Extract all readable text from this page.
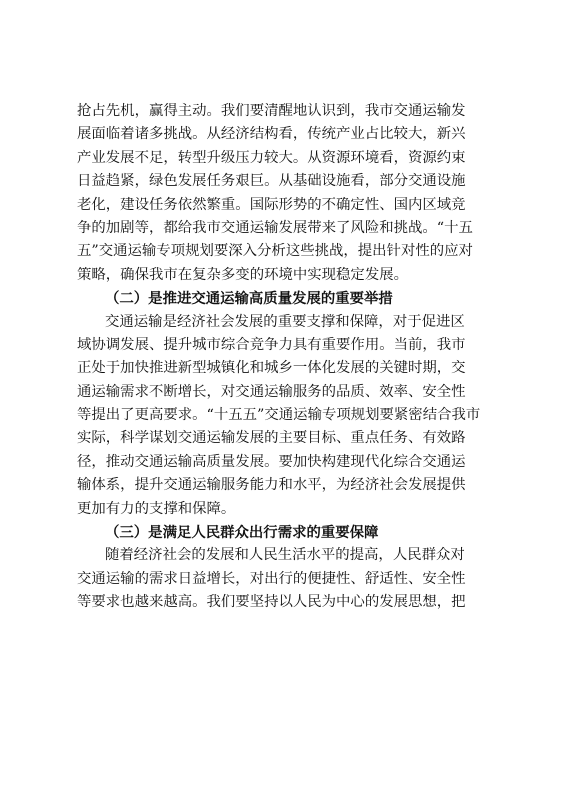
抢占先机，赢得主动。我们要清醒地认识到，我市交通运输发
展面临着诸多挑战。从经济结构看，传统产业占比较大，新兴
产业发展不足，转型升级压力较大。从资源环境看，资源约束
日益趋紧，绿色发展任务艰巨。从基础设施看，部分交通设施
老化，建设任务依然繁重。国际形势的不确定性、国内区域竞
争的加剧等，都给我市交通运输发展带来了风险和挑战。“十五
五”交通运输专项规划要深入分析这些挑战，提出针对性的应对
策略，确保我市在复杂多变的环境中实现稳定发展。
（二）是推进交通运输高质量发展的重要举措
交通运输是经济社会发展的重要支撑和保障，对于促进区
域协调发展、提升城市综合竞争力具有重要作用。当前，我市
正处于加快推进新型城镇化和城乡一体化发展的关键时期，交
通运输需求不断增长，对交通运输服务的品质、效率、安全性
等提出了更高要求。“十五五”交通运输专项规划要紧密结合我市
实际，科学谋划交通运输发展的主要目标、重点任务、有效路
径，推动交通运输高质量发展。要加快构建现代化综合交通运
输体系，提升交通运输服务能力和水平，为经济社会发展提供
更加有力的支撑和保障。
（三）是满足人民群众出行需求的重要保障
随着经济社会的发展和人民生活水平的提高，人民群众对
交通运输的需求日益增长，对出行的便捷性、舒适性、安全性
等要求也越来越高。我们要坚持以人民为中心的发展思想，把
